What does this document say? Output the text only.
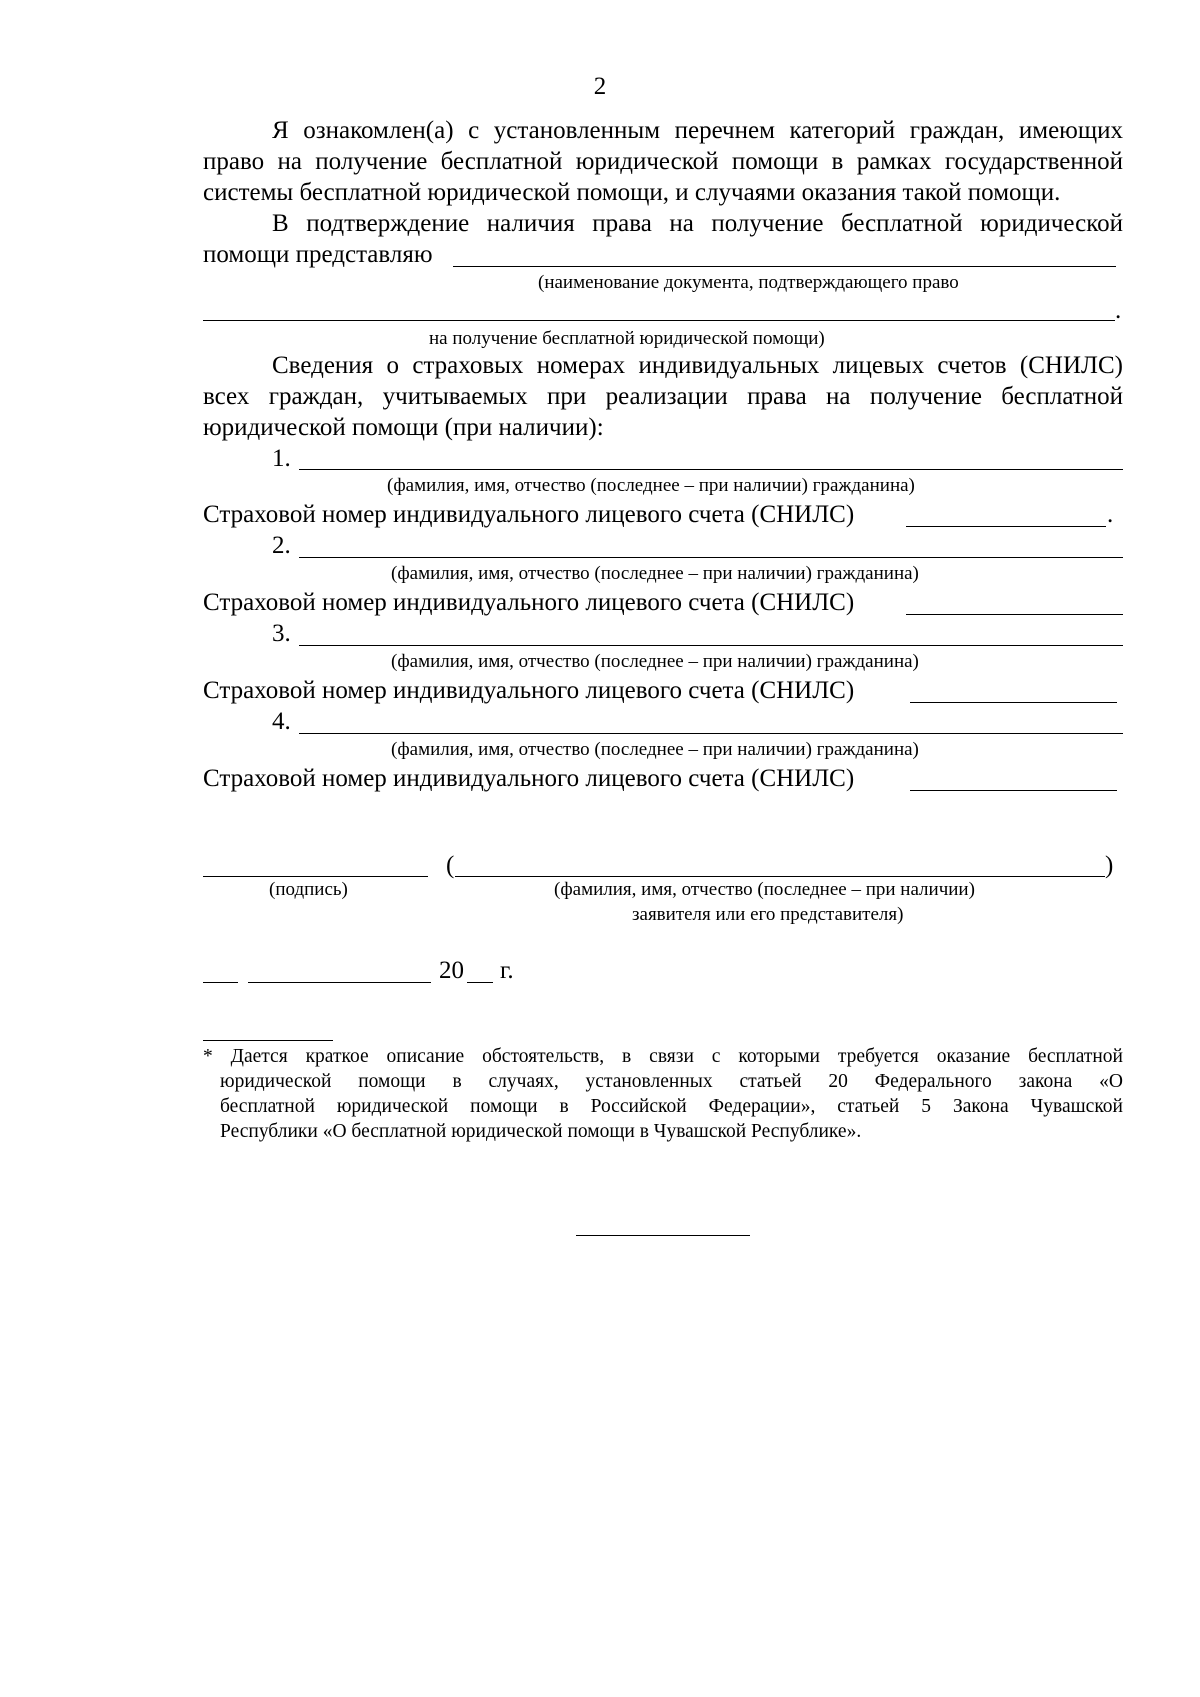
2
Я ознакомлен(а) с установленным перечнем категорий граждан, имеющих
право на получение бесплатной юридической помощи в рамках государственной
системы бесплатной юридической помощи, и случаями оказания такой помощи.
В подтверждение наличия права на получение бесплатной юридической
помощи представляю
(наименование документа, подтверждающего право
.
на получение бесплатной юридической помощи)
Сведения о страховых номерах индивидуальных лицевых счетов (СНИЛС)
всех граждан, учитываемых при реализации права на получение бесплатной
юридической помощи (при наличии):
1.
(фамилия, имя, отчество (последнее – при наличии) гражданина)
Страховой номер индивидуального лицевого счета (СНИЛС)	.
2.
(фамилия, имя, отчество (последнее – при наличии) гражданина)
Страховой номер индивидуального лицевого счета (СНИЛС)
3.
(фамилия, имя, отчество (последнее – при наличии) гражданина)
Страховой номер индивидуального лицевого счета (СНИЛС)
4.
(фамилия, имя, отчество (последнее – при наличии) гражданина)
Страховой номер индивидуального лицевого счета (СНИЛС)
(	)
(подпись)	(фамилия, имя, отчество (последнее – при наличии)
заявителя или его представителя)
20 г.
* Дается краткое описание обстоятельств, в связи с которыми требуется оказание бесплатной
юридической помощи в случаях, установленных статьей 20 Федерального закона «О
бесплатной юридической помощи в Российской Федерации», статьей 5 Закона Чувашской
Республики «О бесплатной юридической помощи в Чувашской Республике».
